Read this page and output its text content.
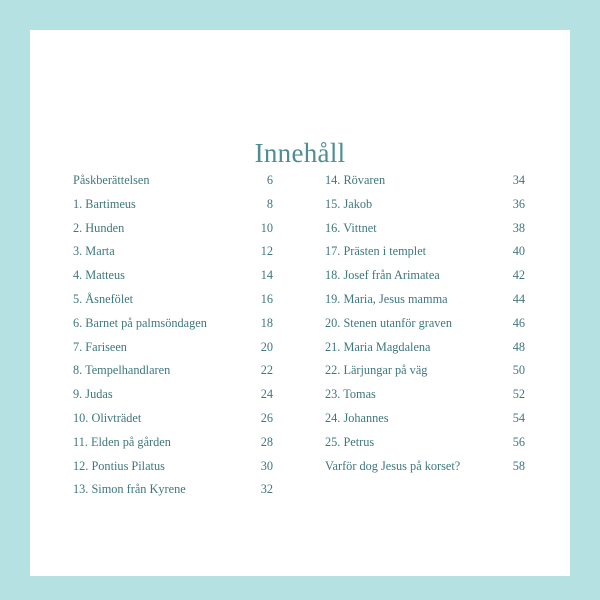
Innehåll
Påskberättelsen	6
1. Bartimeus	8
2. Hunden	10
3. Marta	12
4. Matteus	14
5. Åsnefölet	16
6. Barnet på palmsöndagen	18
7. Fariseen	20
8. Tempelhandlaren	22
9. Judas	24
10. Olivträdet	26
11. Elden på gården	28
12. Pontius Pilatus	30
13. Simon från Kyrene	32
14. Rövaren	34
15. Jakob	36
16. Vittnet	38
17. Prästen i templet	40
18. Josef från Arimatea	42
19. Maria, Jesus mamma	44
20. Stenen utanför graven	46
21. Maria Magdalena	48
22. Lärjungar på väg	50
23. Tomas	52
24. Johannes	54
25. Petrus	56
Varför dog Jesus på korset?	58
